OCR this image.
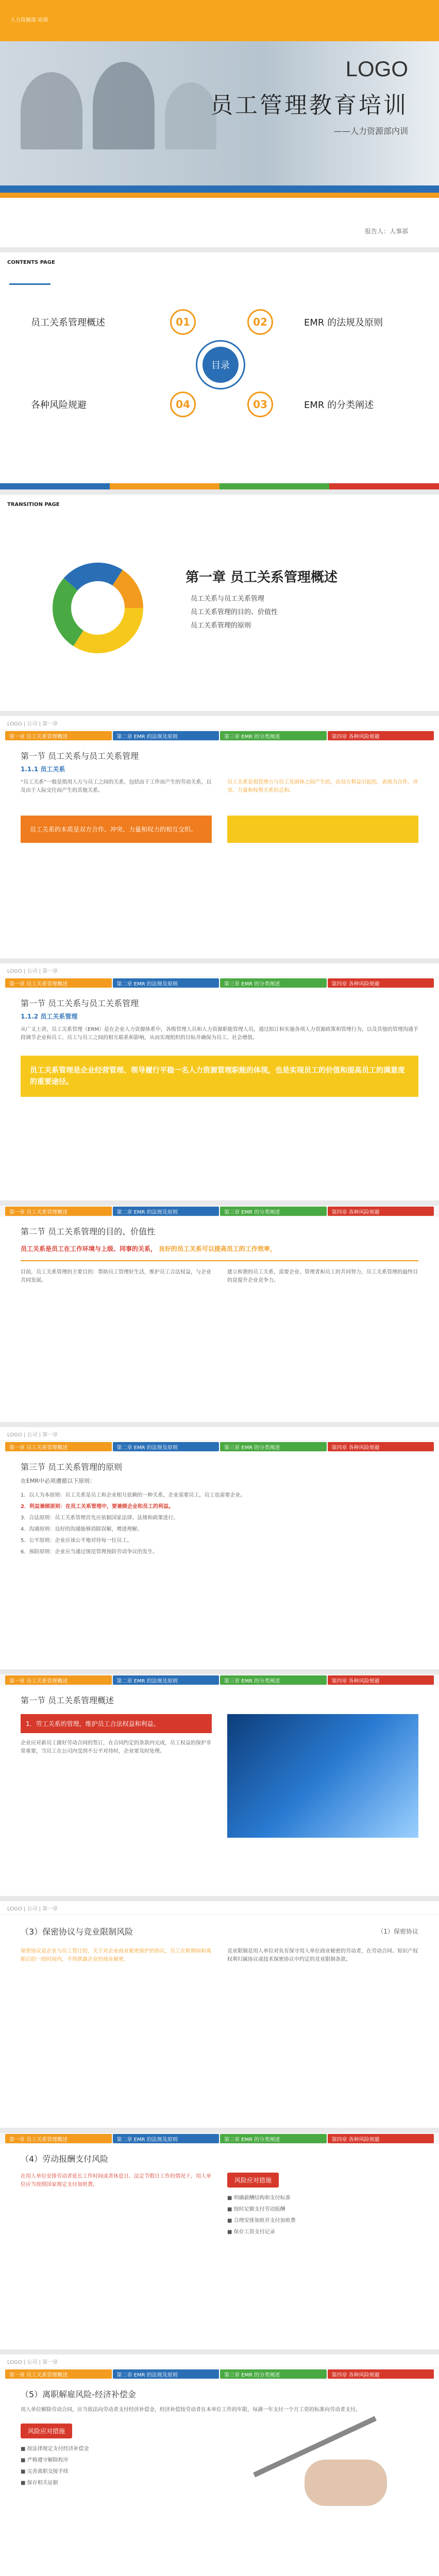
LOGO
员工管理教育培训
——人力资源部内训
报告人：人事部
人力资源部 培训
CONTENTS PAGE
目录
01	02
04	03
员工关系管理概述	EMR 的法规及原则
各种风险规避	EMR 的分类阐述
TRANSITION PAGE
第一章 员工关系管理概述
员工关系与员工关系管理
员工关系管理的目的、价值性
员工关系管理的原则
LOGO | 公司 | 第一章
第一章 员工关系管理概述	第二章 EMR 的法规及原则	第三章 EMR 的分类阐述	第四章 各种风险规避
第一节 员工关系与员工关系管理
1.1.1 员工关系
“员工关系”一般是指用人方与员工之间的关系，包括由于工作而产生的劳动关系，以及由于人际交往而产生的其他关系。
员工关系是指管理方与员工及团体之间产生的，由双方利益引起的，表现为合作、冲突、力量和权利关系的总和。
员工关系的本质是双方合作、冲突、力量和权力的相互交织。

LOGO | 公司 | 第一章
第一章 员工关系管理概述	第二章 EMR 的法规及原则	第三章 EMR 的分类阐述	第四章 各种风险规避
第一节 员工关系与员工关系管理
1.1.2 员工关系管理
从广义上讲，员工关系管理（ERM）是在企业人力资源体系中，各级管理人员和人力资源职能管理人员，通过拟订和实施各项人力资源政策和管理行为，以及其他的管理沟通手段调节企业和员工、员工与员工之间的相互联系和影响，从而实现组织的目标并确保为员工、社会增值。
员工关系管理是企业经营管理、领导履行平稳一名人力资源管理职能的体现，也是实现员工的价值和提高员工的满意度的重要途径。
第一章 员工关系管理概述	第二章 EMR 的法规及原则	第三章 EMR 的分类阐述	第四章 各种风险规避
第二节 员工关系管理的目的、价值性
员工关系是员工在工作环境与上级、同事的关系， 良好的员工关系可以提高员工的工作效率，
目前，员工关系管理的主要目的：帮助员工管理好生活，维护员工合法权益，与企业共同发展。
建立和谐的员工关系，需要企业、管理者和员工的共同努力，员工关系管理的最终目的是提升企业竞争力。
LOGO | 公司 | 第一章
第一章 员工关系管理概述	第二章 EMR 的法规及原则	第三章 EMR 的分类阐述	第四章 各种风险规避
第三节 员工关系管理的原则
在EMR中必须遵循以下原则：
1．以人为本原则：员工关系是员工和企业相互依赖的一种关系，企业需要员工，员工也需要企业。
2．利益兼顾原则：在员工关系管理中，要兼顾企业和员工的利益。
3．合法原则：员工关系管理首先应依据国家法律、法规和政策进行。
4．沟通原则：良好的沟通能够消除误解，增进理解。
5．公平原则：企业应该公平地对待每一位员工。
6．预防原则：企业应当通过规范管理预防劳动争议的发生。
第一章 员工关系管理概述	第二章 EMR 的法规及原则	第三章 EMR 的分类阐述	第四章 各种风险规避
第一节 员工关系管理概述
1．劳工关系的管理，维护员工合法权益和利益。
企业应对新员工做好劳动合同的签订，在合同约定的条款内完成，员工权益的保护非常重要，当员工在公司内受到不公平对待时，企业要及时处理。
LOGO | 公司 | 第一章
（3）保密协议与竞业限制风险	（1）保密协议
保密协议是企业与员工签订的，关于对企业商业秘密保护的协议，员工在职期间和离职后的一段时间内，不得泄露企业的商业秘密。
竞业限制是用人单位对负有保守用人单位商业秘密的劳动者，在劳动合同、知识产权权利归属协议或技术保密协议中约定的竞业限制条款。
第一章 员工关系管理概述	第二章 EMR 的法规及原则	第三章 EMR 的分类阐述	第四章 各种风险规避
（4）劳动报酬支付风险
在用人单位安排劳动者延长工作时间或者休息日、法定节假日工作的情况下，用人单位应当按照国家规定支付加班费。
风险应对措施
■ 明确薪酬结构和支付标准
■ 按时足额支付劳动报酬
■ 合理安排加班并支付加班费
■ 保存工资支付记录
LOGO | 公司 | 第一章
第一章 员工关系管理概述	第二章 EMR 的法规及原则	第三章 EMR 的分类阐述	第四章 各种风险规避
（5）离职解雇风险-经济补偿金
用人单位解除劳动合同，应当依法向劳动者支付经济补偿金，经济补偿按劳动者在本单位工作的年限，每满一年支付一个月工资的标准向劳动者支付。
风险应对措施
■ 按法律规定支付经济补偿金
■ 严格遵守解除程序
■ 完善离职交接手续
■ 保存相关证据
